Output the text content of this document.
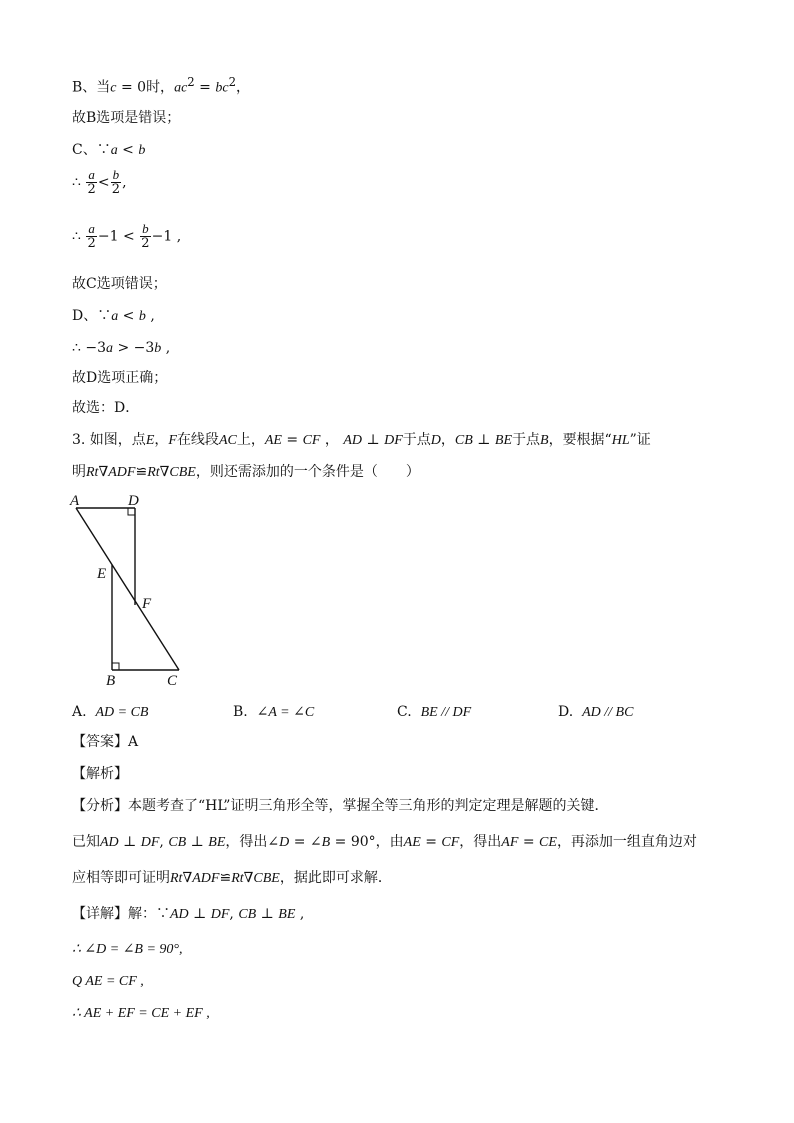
B、当c = 0时，$ac^2 = bc^2$，
故B选项是错误；
C、∵a < b
∴ $\frac{a}{2} < \frac{b}{2}$ ,
∴ $\frac{a}{2} -1 < \frac{b}{2} -1$ ,
故C选项错误；
D、∵a < b ,
∴ −3a > −3b ,
故D选项正确；
故选：D．
3. 如图，点E，F在线段AC上，AE = CF ， AD ⊥ DF于点D，CB ⊥ BE于点B，要根据“HL”证
明Rt∇ADF≌Rt∇CBE，则还需添加的一个条件是（　　）
A	D
E
F
B	C
A. AD = CB	B. ∠A = ∠C	C. BE // DF	D. AD // BC
【答案】A
【解析】
【分析】本题考查了“HL”证明三角形全等，掌握全等三角形的判定定理是解题的关键．
已知AD ⊥ DF, CB ⊥ BE，得出∠D = ∠B = 90°，由AE = CF，得出AF = CE，再添加一组直角边对
应相等即可证明Rt∇ADF≌Rt∇CBE，据此即可求解．
【详解】解：∵AD ⊥ DF, CB ⊥ BE ,
∴ ∠D = ∠B = 90°,
Q AE = CF ,
∴ AE + EF = CE + EF ,
